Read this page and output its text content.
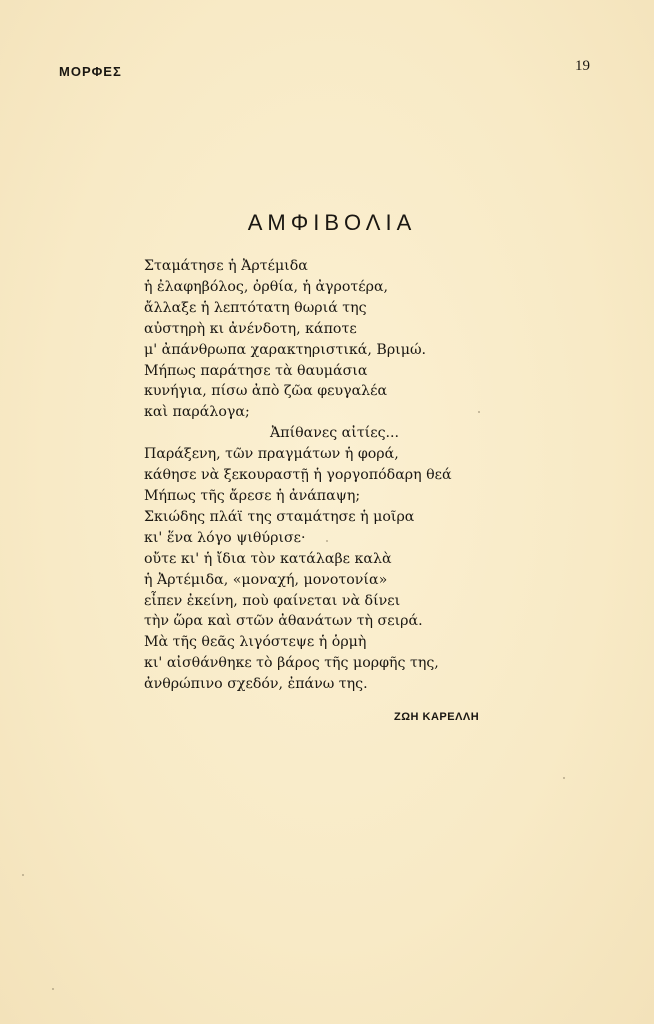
ΜΟΡΦΕΣ	19
ΑΜΦΙΒΟΛΙΑ
Σταμάτησε ἡ Ἀρτέμιδα
ἡ ἐλαφηβόλος, ὀρθία, ἡ ἀγροτέρα,
ἄλλαξε ἡ λεπτότατη θωριά της
αὐστηρὴ κι ἀνένδοτη, κάποτε
μ' ἀπάνθρωπα χαρακτηριστικά, Βριμώ.
Μήπως παράτησε τὰ θαυμάσια
κυνήγια, πίσω ἀπὸ ζῶα φευγαλέα
καὶ παράλογα;
Ἀπίθανες αἰτίες...
Παράξενη, τῶν πραγμάτων ἡ φορά,
κάθησε νὰ ξεκουραστῇ ἡ γοργοπόδαρη θεά
Μήπως τῆς ἄρεσε ἡ ἀνάπαψη;
Σκιώδης πλάϊ της σταμάτησε ἡ μοῖρα
κι' ἕνα λόγο ψιθύρισε·
οὔτε κι' ἡ ἴδια τὸν κατάλαβε καλὰ
ἡ Ἀρτέμιδα, «μοναχή, μονοτονία»
εἶπεν ἐκείνη, ποὺ φαίνεται νὰ δίνει
τὴν ὥρα καὶ στῶν ἀθανάτων τὴ σειρά.
Μὰ τῆς θεᾶς λιγόστεψε ἡ ὁρμὴ
κι' αἰσθάνθηκε τὸ βάρος τῆς μορφῆς της,
ἀνθρώπινο σχεδόν, ἐπάνω της.
ΖΩΗ ΚΑΡΕΛΛΗ
